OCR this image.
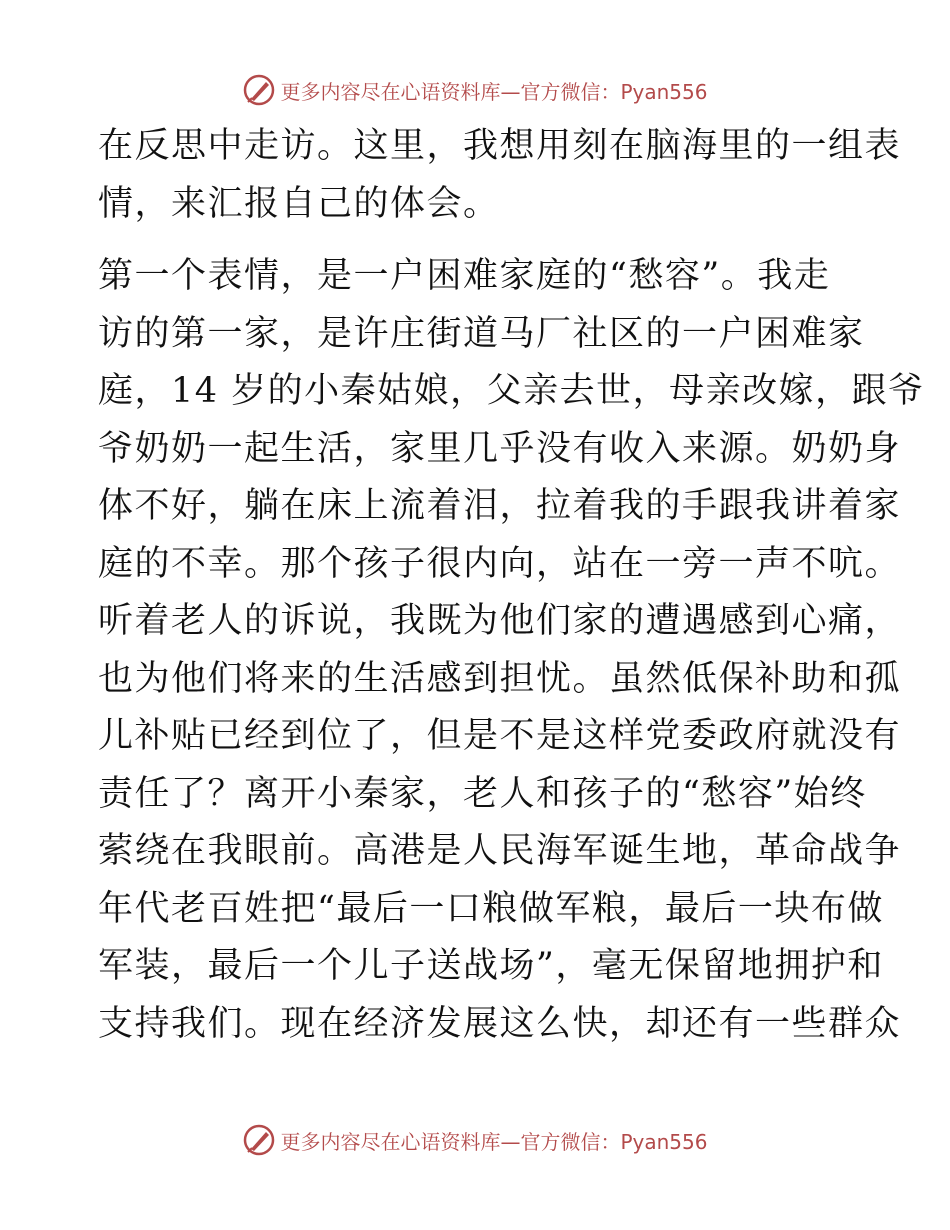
更多内容尽在心语资料库—官方微信：Pyan556

在反思中走访。这里，我想用刻在脑海里的一组表

情，来汇报自己的体会。

第一个表情，是一户困难家庭的“愁容”。我走

访的第一家，是许庄街道马厂社区的一户困难家

庭，14 岁的小秦姑娘，父亲去世，母亲改嫁，跟爷

爷奶奶一起生活，家里几乎没有收入来源。奶奶身

体不好，躺在床上流着泪，拉着我的手跟我讲着家

庭的不幸。那个孩子很内向，站在一旁一声不吭。

听着老人的诉说，我既为他们家的遭遇感到心痛，

也为他们将来的生活感到担忧。虽然低保补助和孤

儿补贴已经到位了，但是不是这样党委政府就没有

责任了？离开小秦家，老人和孩子的“愁容”始终

萦绕在我眼前。高港是人民海军诞生地，革命战争

年代老百姓把“最后一口粮做军粮，最后一块布做

军装，最后一个儿子送战场”，毫无保留地拥护和

支持我们。现在经济发展这么快，却还有一些群众

更多内容尽在心语资料库—官方微信：Pyan556
